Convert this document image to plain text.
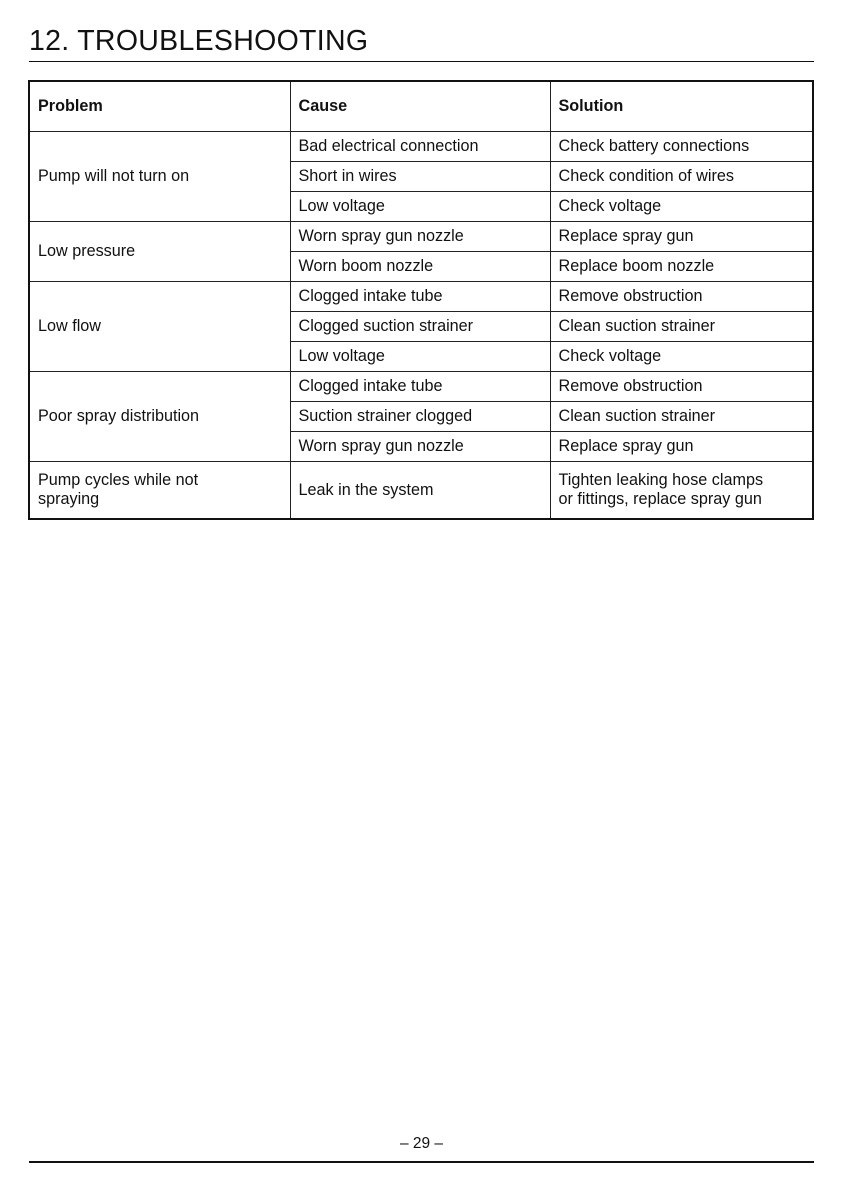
12. TROUBLESHOOTING
Problem	Cause	Solution
Pump will not turn on	Bad electrical connection	Check battery connections
	Short in wires	Check condition of wires
	Low voltage	Check voltage
Low pressure	Worn spray gun nozzle	Replace spray gun
	Worn boom nozzle	Replace boom nozzle
Low flow	Clogged intake tube	Remove obstruction
	Clogged suction strainer	Clean suction strainer
	Low voltage	Check voltage
Poor spray distribution	Clogged intake tube	Remove obstruction
	Suction strainer clogged	Clean suction strainer
	Worn spray gun nozzle	Replace spray gun
Pump cycles while not
spraying	Leak in the system	Tighten leaking hose clamps
or fittings, replace spray gun
– 29 –
